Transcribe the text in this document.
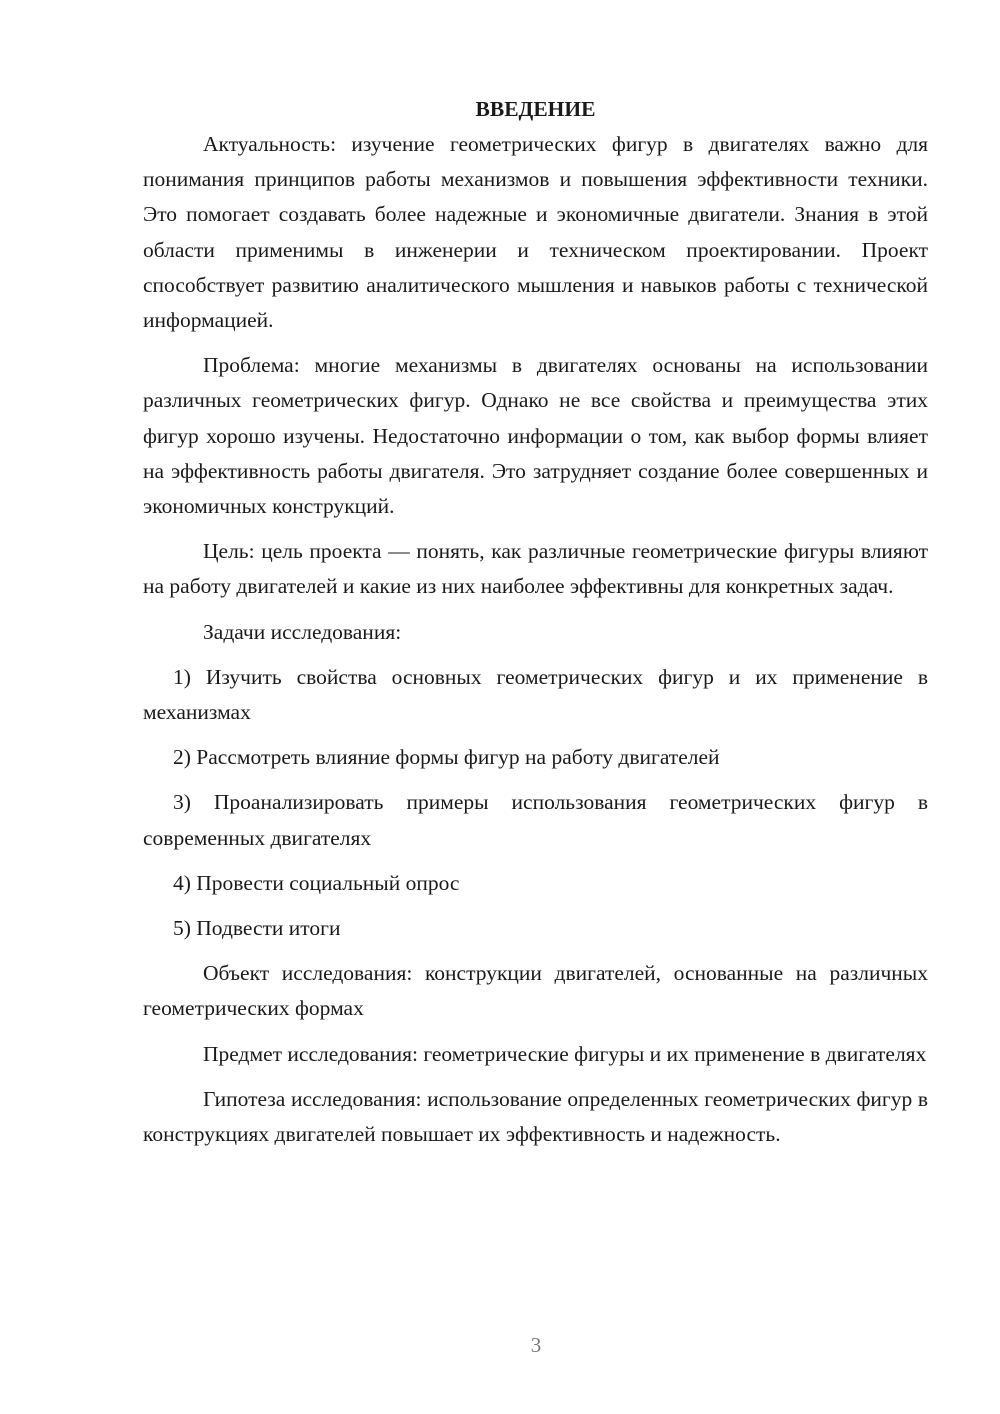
ВВЕДЕНИЕ

Актуальность: изучение геометрических фигур в двигателях важно для понимания принципов работы механизмов и повышения эффективности техники. Это помогает создавать более надежные и экономичные двигатели. Знания в этой области применимы в инженерии и техническом проектировании. Проект способствует развитию аналитического мышления и навыков работы с технической информацией.

Проблема: многие механизмы в двигателях основаны на использовании различных геометрических фигур. Однако не все свойства и преимущества этих фигур хорошо изучены. Недостаточно информации о том, как выбор формы влияет на эффективность работы двигателя. Это затрудняет создание более совершенных и экономичных конструкций.

Цель: цель проекта — понять, как различные геометрические фигуры влияют на работу двигателей и какие из них наиболее эффективны для конкретных задач.

Задачи исследования:

1) Изучить свойства основных геометрических фигур и их применение в механизмах

2) Рассмотреть влияние формы фигур на работу двигателей

3) Проанализировать примеры использования геометрических фигур в современных двигателях

4) Провести социальный опрос

5) Подвести итоги

Объект исследования: конструкции двигателей, основанные на различных геометрических формах

Предмет исследования: геометрические фигуры и их применение в двигателях

Гипотеза исследования: использование определенных геометрических фигур в конструкциях двигателей повышает их эффективность и надежность.

3
